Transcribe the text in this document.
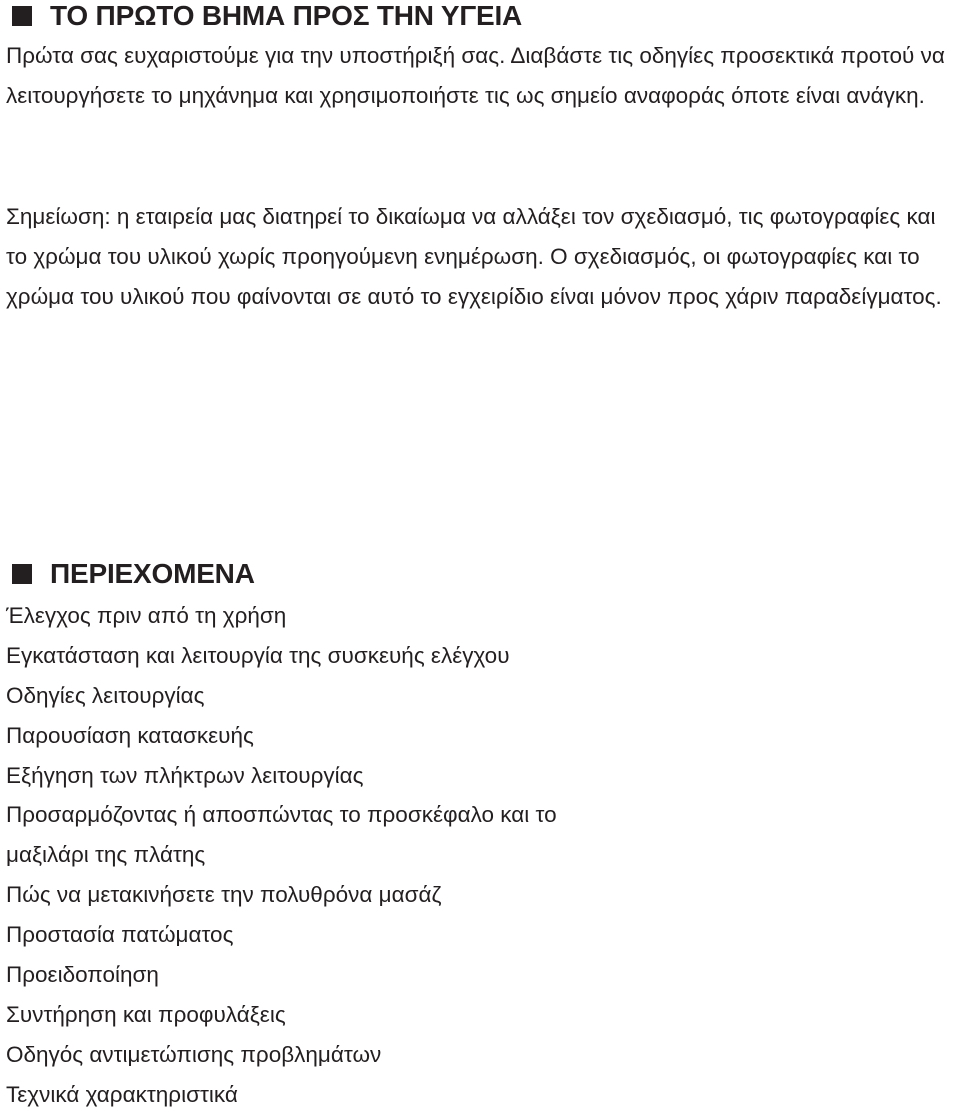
ΤΟ ΠΡΩΤΟ ΒΗΜΑ ΠΡΟΣ ΤΗΝ ΥΓΕΙΑ

Πρώτα σας ευχαριστούμε για την υποστήριξή σας. Διαβάστε τις οδηγίες προσεκτικά προτού να λειτουργήσετε το μηχάνημα και χρησιμοποιήστε τις ως σημείο αναφοράς όποτε είναι ανάγκη.

Σημείωση: η εταιρεία μας διατηρεί το δικαίωμα να αλλάξει τον σχεδιασμό, τις φωτογραφίες και το χρώμα του υλικού χωρίς προηγούμενη ενημέρωση. Ο σχεδιασμός, οι φωτογραφίες και το χρώμα του υλικού που φαίνονται σε αυτό το εγχειρίδιο είναι μόνον προς χάριν παραδείγματος.

ΠΕΡΙΕΧΟΜΕΝΑ
Έλεγχος πριν από τη χρήση
Εγκατάσταση και λειτουργία της συσκευής ελέγχου
Οδηγίες λειτουργίας
Παρουσίαση κατασκευής
Εξήγηση των πλήκτρων λειτουργίας
Προσαρμόζοντας ή αποσπώντας το προσκέφαλο και το
μαξιλάρι της πλάτης
Πώς να μετακινήσετε την πολυθρόνα μασάζ
Προστασία πατώματος
Προειδοποίηση
Συντήρηση και προφυλάξεις
Οδηγός αντιμετώπισης προβλημάτων
Τεχνικά χαρακτηριστικά
